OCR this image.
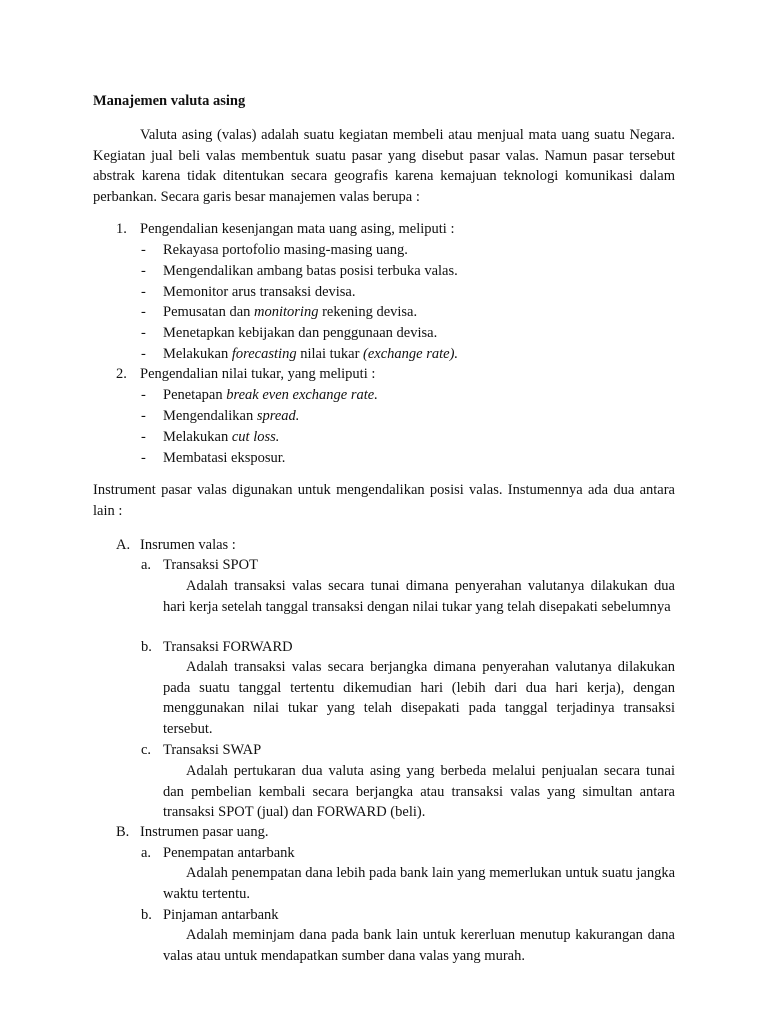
Manajemen valuta asing

Valuta asing (valas) adalah suatu kegiatan membeli atau menjual mata uang suatu Negara. Kegiatan jual beli valas membentuk suatu pasar yang disebut pasar valas. Namun pasar tersebut abstrak karena tidak ditentukan secara geografis karena kemajuan teknologi komunikasi dalam perbankan. Secara garis besar manajemen valas berupa :

1. Pengendalian kesenjangan mata uang asing, meliputi :
- Rekayasa portofolio masing-masing uang.
- Mengendalikan ambang batas posisi terbuka valas.
- Memonitor arus transaksi devisa.
- Pemusatan dan monitoring rekening devisa.
- Menetapkan kebijakan dan penggunaan devisa.
- Melakukan forecasting nilai tukar (exchange rate).
2. Pengendalian nilai tukar, yang meliputi :
- Penetapan break even exchange rate.
- Mengendalikan spread.
- Melakukan cut loss.
- Membatasi eksposur.

Instrument pasar valas digunakan untuk mengendalikan posisi valas. Instumennya ada dua antara lain :

A. Insrumen valas :
a. Transaksi SPOT

Adalah transaksi valas secara tunai dimana penyerahan valutanya dilakukan dua hari kerja setelah tanggal transaksi dengan nilai tukar yang telah disepakati sebelumnya

b. Transaksi FORWARD

Adalah transaksi valas secara berjangka dimana penyerahan valutanya dilakukan pada suatu tanggal tertentu dikemudian hari (lebih dari dua hari kerja), dengan menggunakan nilai tukar yang telah disepakati pada tanggal terjadinya transaksi tersebut.

c. Transaksi SWAP

Adalah pertukaran dua valuta asing yang berbeda melalui penjualan secara tunai dan pembelian kembali secara berjangka atau transaksi valas yang simultan antara transaksi SPOT (jual) dan FORWARD (beli).

B. Instrumen pasar uang.
a. Penempatan antarbank

Adalah penempatan dana lebih pada bank lain yang memerlukan untuk suatu jangka waktu tertentu.

b. Pinjaman antarbank

Adalah meminjam dana pada bank lain untuk kererluan menutup kakurangan dana valas atau untuk mendapatkan sumber dana valas yang murah.
